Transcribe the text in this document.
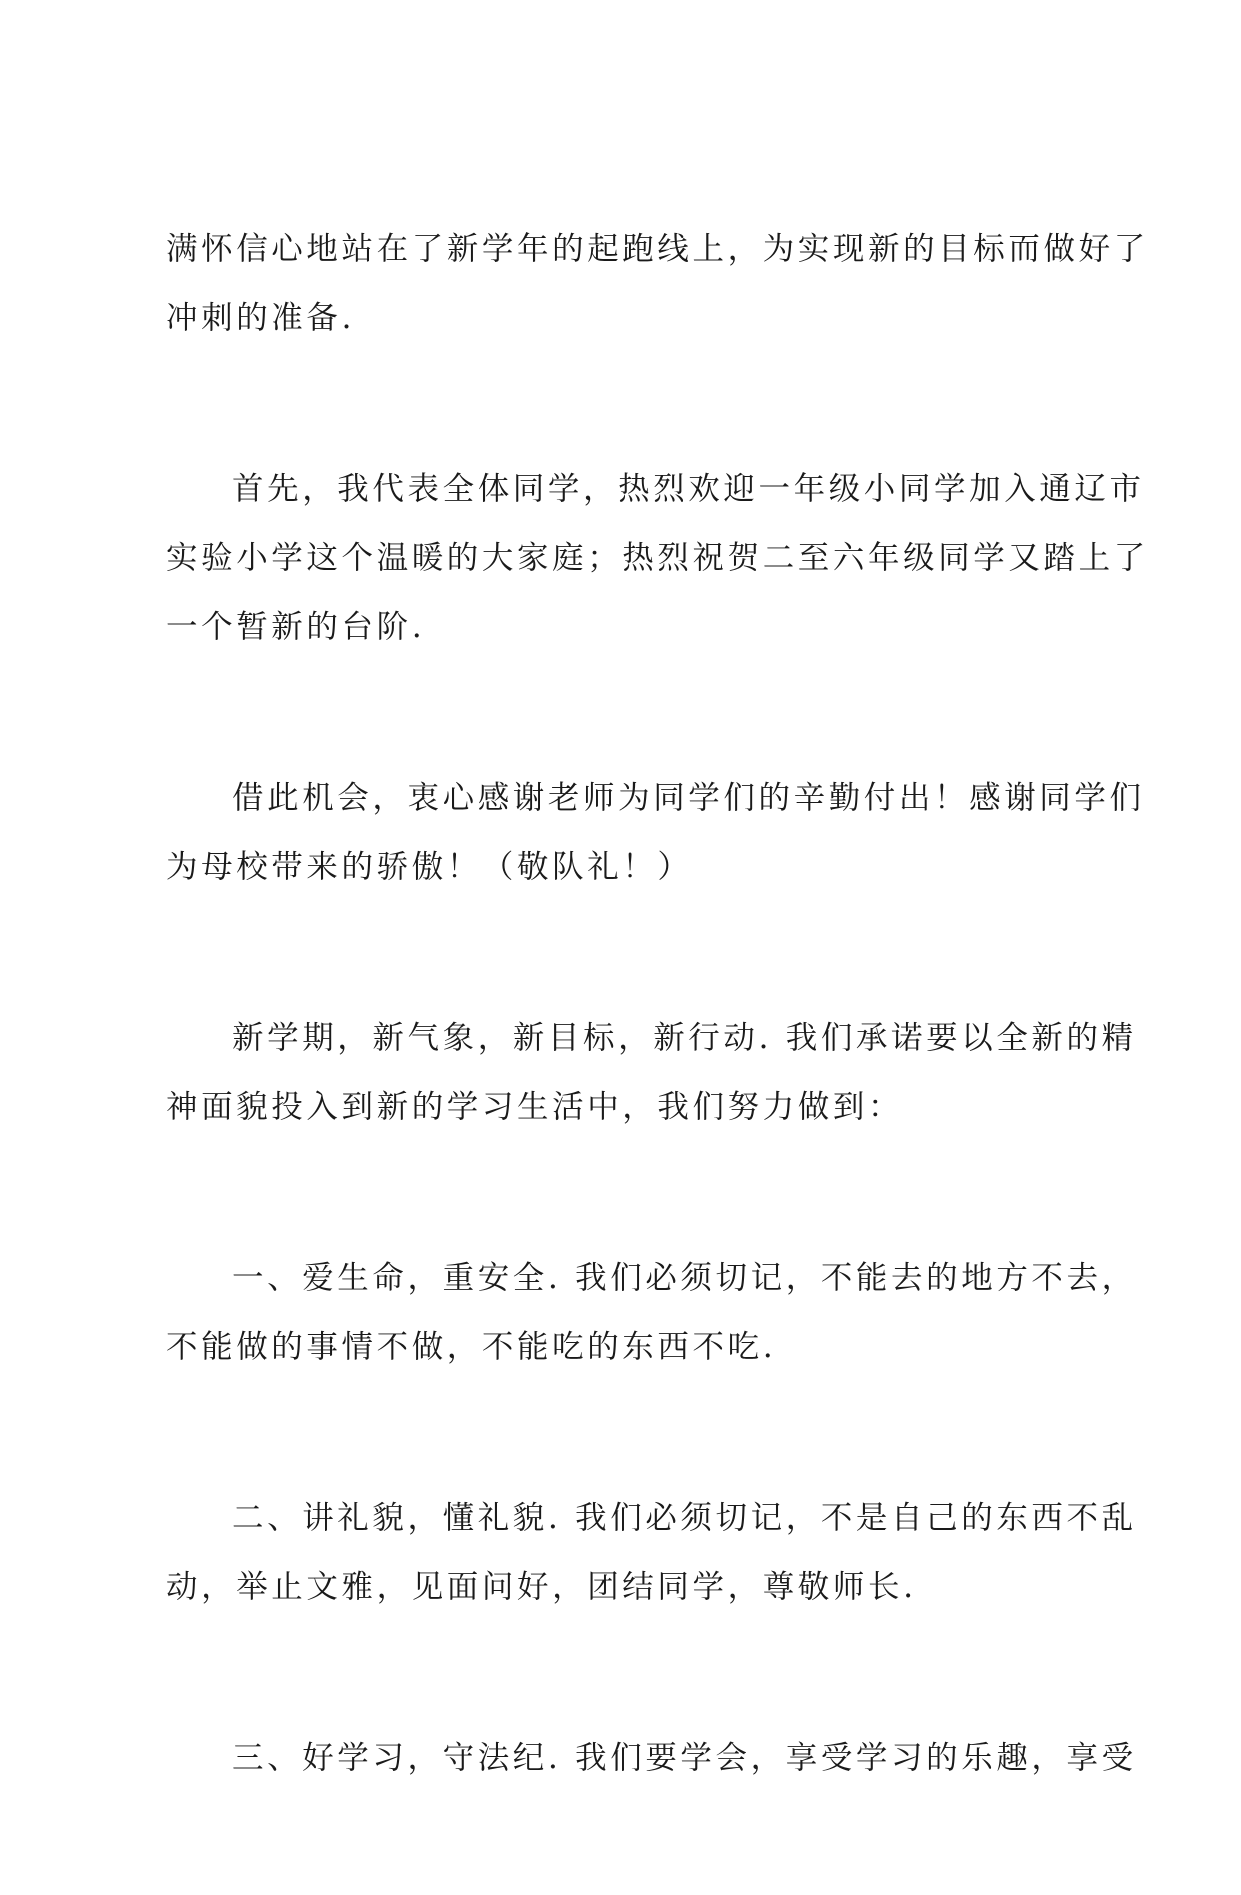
满怀信心地站在了新学年的起跑线上，为实现新的目标而做好了
冲刺的准备.

首先，我代表全体同学，热烈欢迎一年级小同学加入通辽市
实验小学这个温暖的大家庭；热烈祝贺二至六年级同学又踏上了
一个暂新的台阶.

借此机会，衷心感谢老师为同学们的辛勤付出！感谢同学们
为母校带来的骄傲！（敬队礼！）

新学期，新气象，新目标，新行动. 我们承诺要以全新的精
神面貌投入到新的学习生活中，我们努力做到：

一、爱生命，重安全. 我们必须切记，不能去的地方不去，
不能做的事情不做，不能吃的东西不吃.

二、讲礼貌，懂礼貌. 我们必须切记，不是自己的东西不乱
动，举止文雅，见面问好，团结同学，尊敬师长.

三、好学习，守法纪. 我们要学会，享受学习的乐趣，享受
